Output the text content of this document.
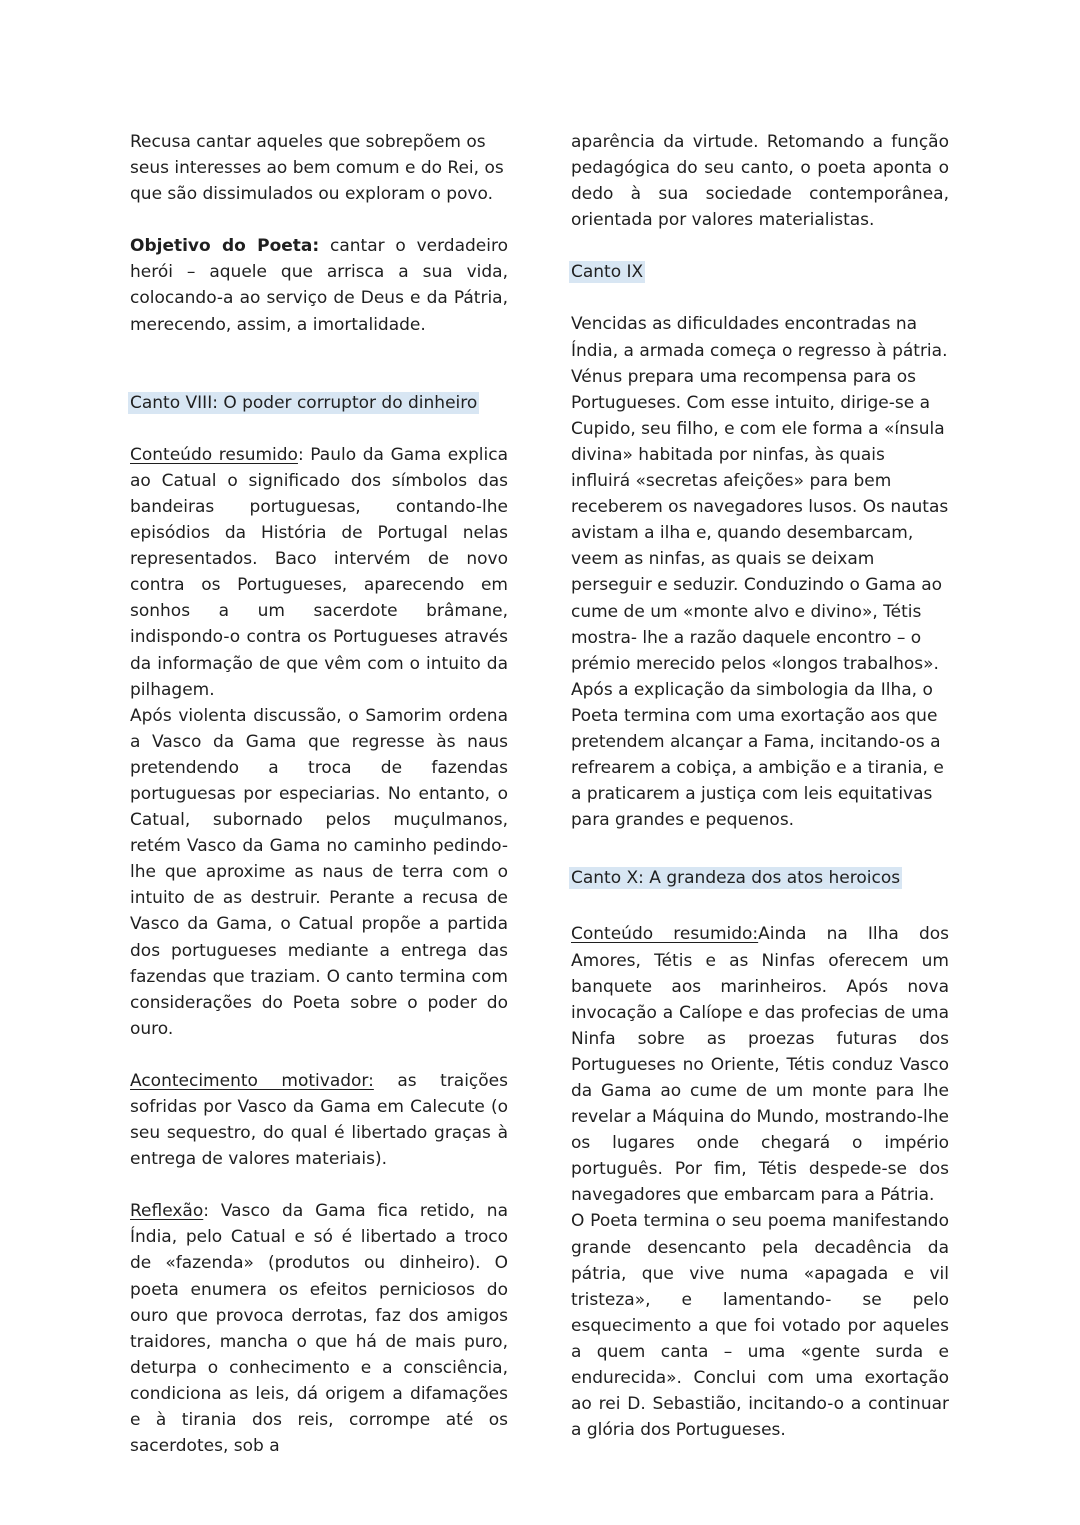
Recusa cantar aqueles que sobrepõem os seus interesses ao bem comum e do Rei, os que são dissimulados ou exploram o povo.

Objetivo do Poeta: cantar o verdadeiro herói – aquele que arrisca a sua vida, colocando-a ao serviço de Deus e da Pátria, merecendo, assim, a imortalidade.

Canto VIII: O poder corruptor do dinheiro

Conteúdo resumido: Paulo da Gama explica ao Catual o significado dos símbolos das bandeiras portuguesas, contando-lhe episódios da História de Portugal nelas representados. Baco intervém de novo contra os Portugueses, aparecendo em sonhos a um sacerdote brâmane, indispondo-o contra os Portugueses através da informação de que vêm com o intuito da pilhagem.

Após violenta discussão, o Samorim ordena a Vasco da Gama que regresse às naus pretendendo a troca de fazendas portuguesas por especiarias. No entanto, o Catual, subornado pelos muçulmanos, retém Vasco da Gama no caminho pedindo-lhe que aproxime as naus de terra com o intuito de as destruir. Perante a recusa de Vasco da Gama, o Catual propõe a partida dos portugueses mediante a entrega das fazendas que traziam. O canto termina com considerações do Poeta sobre o poder do ouro.

Acontecimento motivador: as traições sofridas por Vasco da Gama em Calecute (o seu sequestro, do qual é libertado graças à entrega de valores materiais).

Reflexão: Vasco da Gama fica retido, na Índia, pelo Catual e só é libertado a troco de «fazenda» (produtos ou dinheiro). O poeta enumera os efeitos perniciosos do ouro que provoca derrotas, faz dos amigos traidores, mancha o que há de mais puro, deturpa o conhecimento e a consciência, condiciona as leis, dá origem a difamações e à tirania dos reis, corrompe até os sacerdotes, sob a

aparência da virtude. Retomando a função pedagógica do seu canto, o poeta aponta o dedo à sua sociedade contemporânea, orientada por valores materialistas.

Canto IX

Vencidas as dificuldades encontradas na Índia, a armada começa o regresso à pátria. Vénus prepara uma recompensa para os Portugueses. Com esse intuito, dirige-se a Cupido, seu filho, e com ele forma a «ínsula divina» habitada por ninfas, às quais influirá «secretas afeições» para bem receberem os navegadores lusos. Os nautas avistam a ilha e, quando desembarcam, veem as ninfas, as quais se deixam perseguir e seduzir. Conduzindo o Gama ao cume de um «monte alvo e divino», Tétis mostra- lhe a razão daquele encontro – o prémio merecido pelos «longos trabalhos». Após a explicação da simbologia da Ilha, o Poeta termina com uma exortação aos que pretendem alcançar a Fama, incitando-os a refrearem a cobiça, a ambição e a tirania, e a praticarem a justiça com leis equitativas para grandes e pequenos.

Canto X: A grandeza dos atos heroicos

Conteúdo resumido:Ainda na Ilha dos Amores, Tétis e as Ninfas oferecem um banquete aos marinheiros. Após nova invocação a Calíope e das profecias de uma Ninfa sobre as proezas futuras dos Portugueses no Oriente, Tétis conduz Vasco da Gama ao cume de um monte para lhe revelar a Máquina do Mundo, mostrando-lhe os lugares onde chegará o império português. Por fim, Tétis despede-se dos navegadores que embarcam para a Pátria.

O Poeta termina o seu poema manifestando grande desencanto pela decadência da pátria, que vive numa «apagada e vil tristeza», e lamentando- se pelo esquecimento a que foi votado por aqueles a quem canta – uma «gente surda e endurecida». Conclui com uma exortação ao rei D. Sebastião, incitando-o a continuar a glória dos Portugueses.
